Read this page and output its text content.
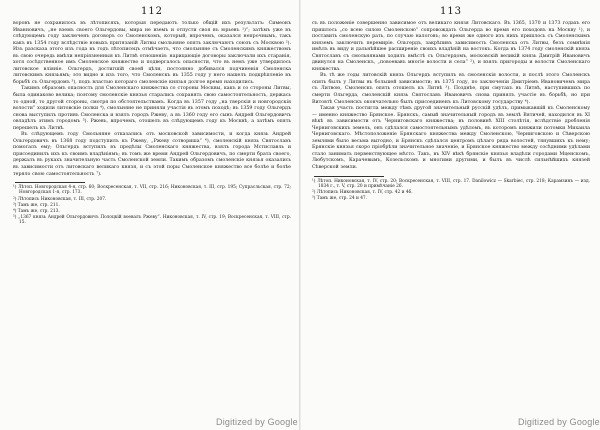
112

воровъ не сохранилось въ лѣтописяхъ, которыя передаютъ только общій ихъ результатъ: Симеонъ Иванновичъ, „не вземъ своего Ольгердовы, мира не вземъ и отпусти своя въ юрьевъ ¹)“; затѣмъ уже въ слѣдующемъ году заключенъ договоръ со Смоленскомъ, который, впрочемъ, оказался непрочнымъ, такъ какъ въ 1354 году вслѣдствіе новыхъ притязаній Литвы смольняне опять заключаютъ союзъ съ Москвою ²). Изъ разсказа этого изъ года въ годъ лѣтописецъ отмѣчаетъ, что смольняне съ Смоленскимъ княжествомъ въ свою очередь имѣли непріязненныя къ Литвѣ отношенія: нарицающіе договоры заключали ихъ старанія, хотя сосѣдственное имъ Смоленское княжество и подвергалось опасности, что въ немъ уже утвердилось литовское вліяніе. Ольгердъ, достигшій своей цѣли, постоянно добивался подчиненія Смоленска литовскимъ князьямъ; это видно и изъ того, что Смоленскъ въ 1355 году у него нашелъ подкрѣпленіе въ борьбѣ съ Ольгердомъ ³), подъ властью котораго смоленскіе князья долгое время находились.

Такимъ образомъ опасность для Смоленскаго княжества со стороны Москвы, какъ и со стороны Литвы, была одинаково велика; поэтому смоленскіе князья старались сохранять свою самостоятельность, держась то одной, то другой стороны, смотря по обстоятельствамъ. Когда въ 1357 году „на тверскія и новгородскія волости“ ходили литовскіе полки ⁴), смольняне не приняли участія въ этомъ походѣ; въ 1359 году Ольгердъ снова выступилъ противъ Смоленска и взялъ городъ Ржеву, а въ 1360 году его сынъ Андрей Ольгердовичъ овладѣлъ этимъ городомъ ⁵). Ржевъ, впрочемъ, отошелъ въ слѣдующемъ году къ Москвѣ, а затѣмъ опять перешелъ къ Литвѣ.

Въ слѣдующемъ году Смольняне отказались отъ московской зависимости, и когда князь Андрей Ольгердовичъ въ 1368 году подступилъ къ Ржеву, „Ржеву сотвориша“ ⁶), смоленскій князь Святославъ помогалъ ему; Ольгердъ вступилъ въ предѣлы Смоленскаго княжества, взялъ города Мстиславль и присоединилъ ихъ къ своимъ владѣніямъ; въ томъ же время Андрей Ольгердовичъ, по смерти брата своего, держалъ въ рукахъ значительную часть Смоленской земли. Такимъ образомъ смоленскіе князья оказались въ зависимости отъ литовскаго великаго князя, и съ этой поры Смоленское княжество все болѣе и болѣе теряло свою самостоятельность ⁷).

¹) Лѣтоп. Новгородская 4-я, стр. 60; Воскресенская, т. VII, стр. 216; Никоновская, т. III, стр. 195; Супрасльская, стр. 72; Новгородская 1-я, стр. 173.
²) Лѣтопись Никоновская, т. III, стр. 207.
³) Тамъ же, стр. 211.
⁴) Тамъ же, стр. 213.
⁵) „1367 князь Андрей Ольгердовичъ Полоцкій воевалъ Ржеву“. Никоновская, т. IV, стр. 19; Воскресенская, т. VIII, стр. 15.
113

съ въ положеніе совершенно зависимое отъ великаго князя Литовскаго. Въ 1365, 1370 и 1373 годахъ его пришлось „со всею силою Смоленскою“ сопровождать Ольгерда во время его походовъ на Москву ¹), и поставить смоленскую рать, по случаю налоговъ; во время же одного изъ нихъ пришлось съ Смоленскимъ княземъ заключить перемиріе. Ольгердъ, закрѣпивъ зависимость Смоленска отъ Литвы, безъ сомнѣнія имѣлъ въ виду и дальнѣйшее расширеніе своихъ владѣній на востокъ. Когда въ 1374 году смоленскій князь Святославъ съ смольнянами ходилъ вмѣстѣ съ Ольгердомъ, московскій великій князь Дмитрій Ивановичъ двинулся на Смоленскъ, „повоевавъ многіе волости и села“ ²), и взялъ пригороды и волости Смоленскаго княжества.

Въ тѣ же годы литовскій князь Ольгердъ вступилъ въ смоленскія волости, и послѣ этого Смоленскъ опять былъ у Литвы въ большей зависимости; въ 1375 году, по заключеніи Дмитріемъ Ивановичемъ мира съ Литвою, Смоленскъ опять отошелъ къ Литвѣ ³). Позднѣе, при смутахъ въ Литвѣ, наступившихъ по смерти Ольгерда, смоленскій князь Святославъ Ивановичъ снова принялъ участіе въ борьбѣ, но при Витовтѣ Смоленскъ окончательно былъ присоединенъ къ Литовскому государству ⁴).

Такая участь постигла между тѣмъ другой значительный русскій удѣлъ, примыкавшій къ Смоленскому — именно княжество Брянское. Брянскъ, самый значительный городъ въ землѣ Вятичей, находился въ XI вѣкѣ въ зависимости отъ Черниговскаго княжества; въ половинѣ XIII столѣтія, вслѣдствіе дробленія Черниговскихъ земель, онъ сдѣлался самостоятельнымъ удѣломъ, въ которомъ княжили потомки Михаила Черниговскаго. Мѣстоположеніе Брянскаго княжества между Смоленскою, Черниговскою и Сѣверскою землями было весьма выгодно, и Брянскъ сдѣлался центромъ цѣлаго ряда волостей, тянувшихъ къ нему; Брянскіе князья скоро пріобрѣли значительное значеніе, и Брянское княжество между сосѣдними удѣлами стало занимать первенствующее мѣсто. Такъ, въ XIV вѣкѣ брянскіе князья владѣли городами Мценскомъ, Любутскомъ, Карачевымъ, Козельскомъ и многими другими, и былъ въ числѣ сильнѣйшихъ князей Сѣверской земли.

¹) Лѣтоп. Никоновская, т. IV, стр. 20; Воскресенская, т. VIII, стр. 17. Danilowicz — Skarbiec, стр. 218; Карамзинъ — изд. 1834 г., т. V, стр. 20 и примѣчаніе 26.
²) Лѣтопись Никоновская, т. IV, стр. 42 и 46.
³) Тамъ же, стр. 24 и 47.
Digitized by Google	Digitized by Google
